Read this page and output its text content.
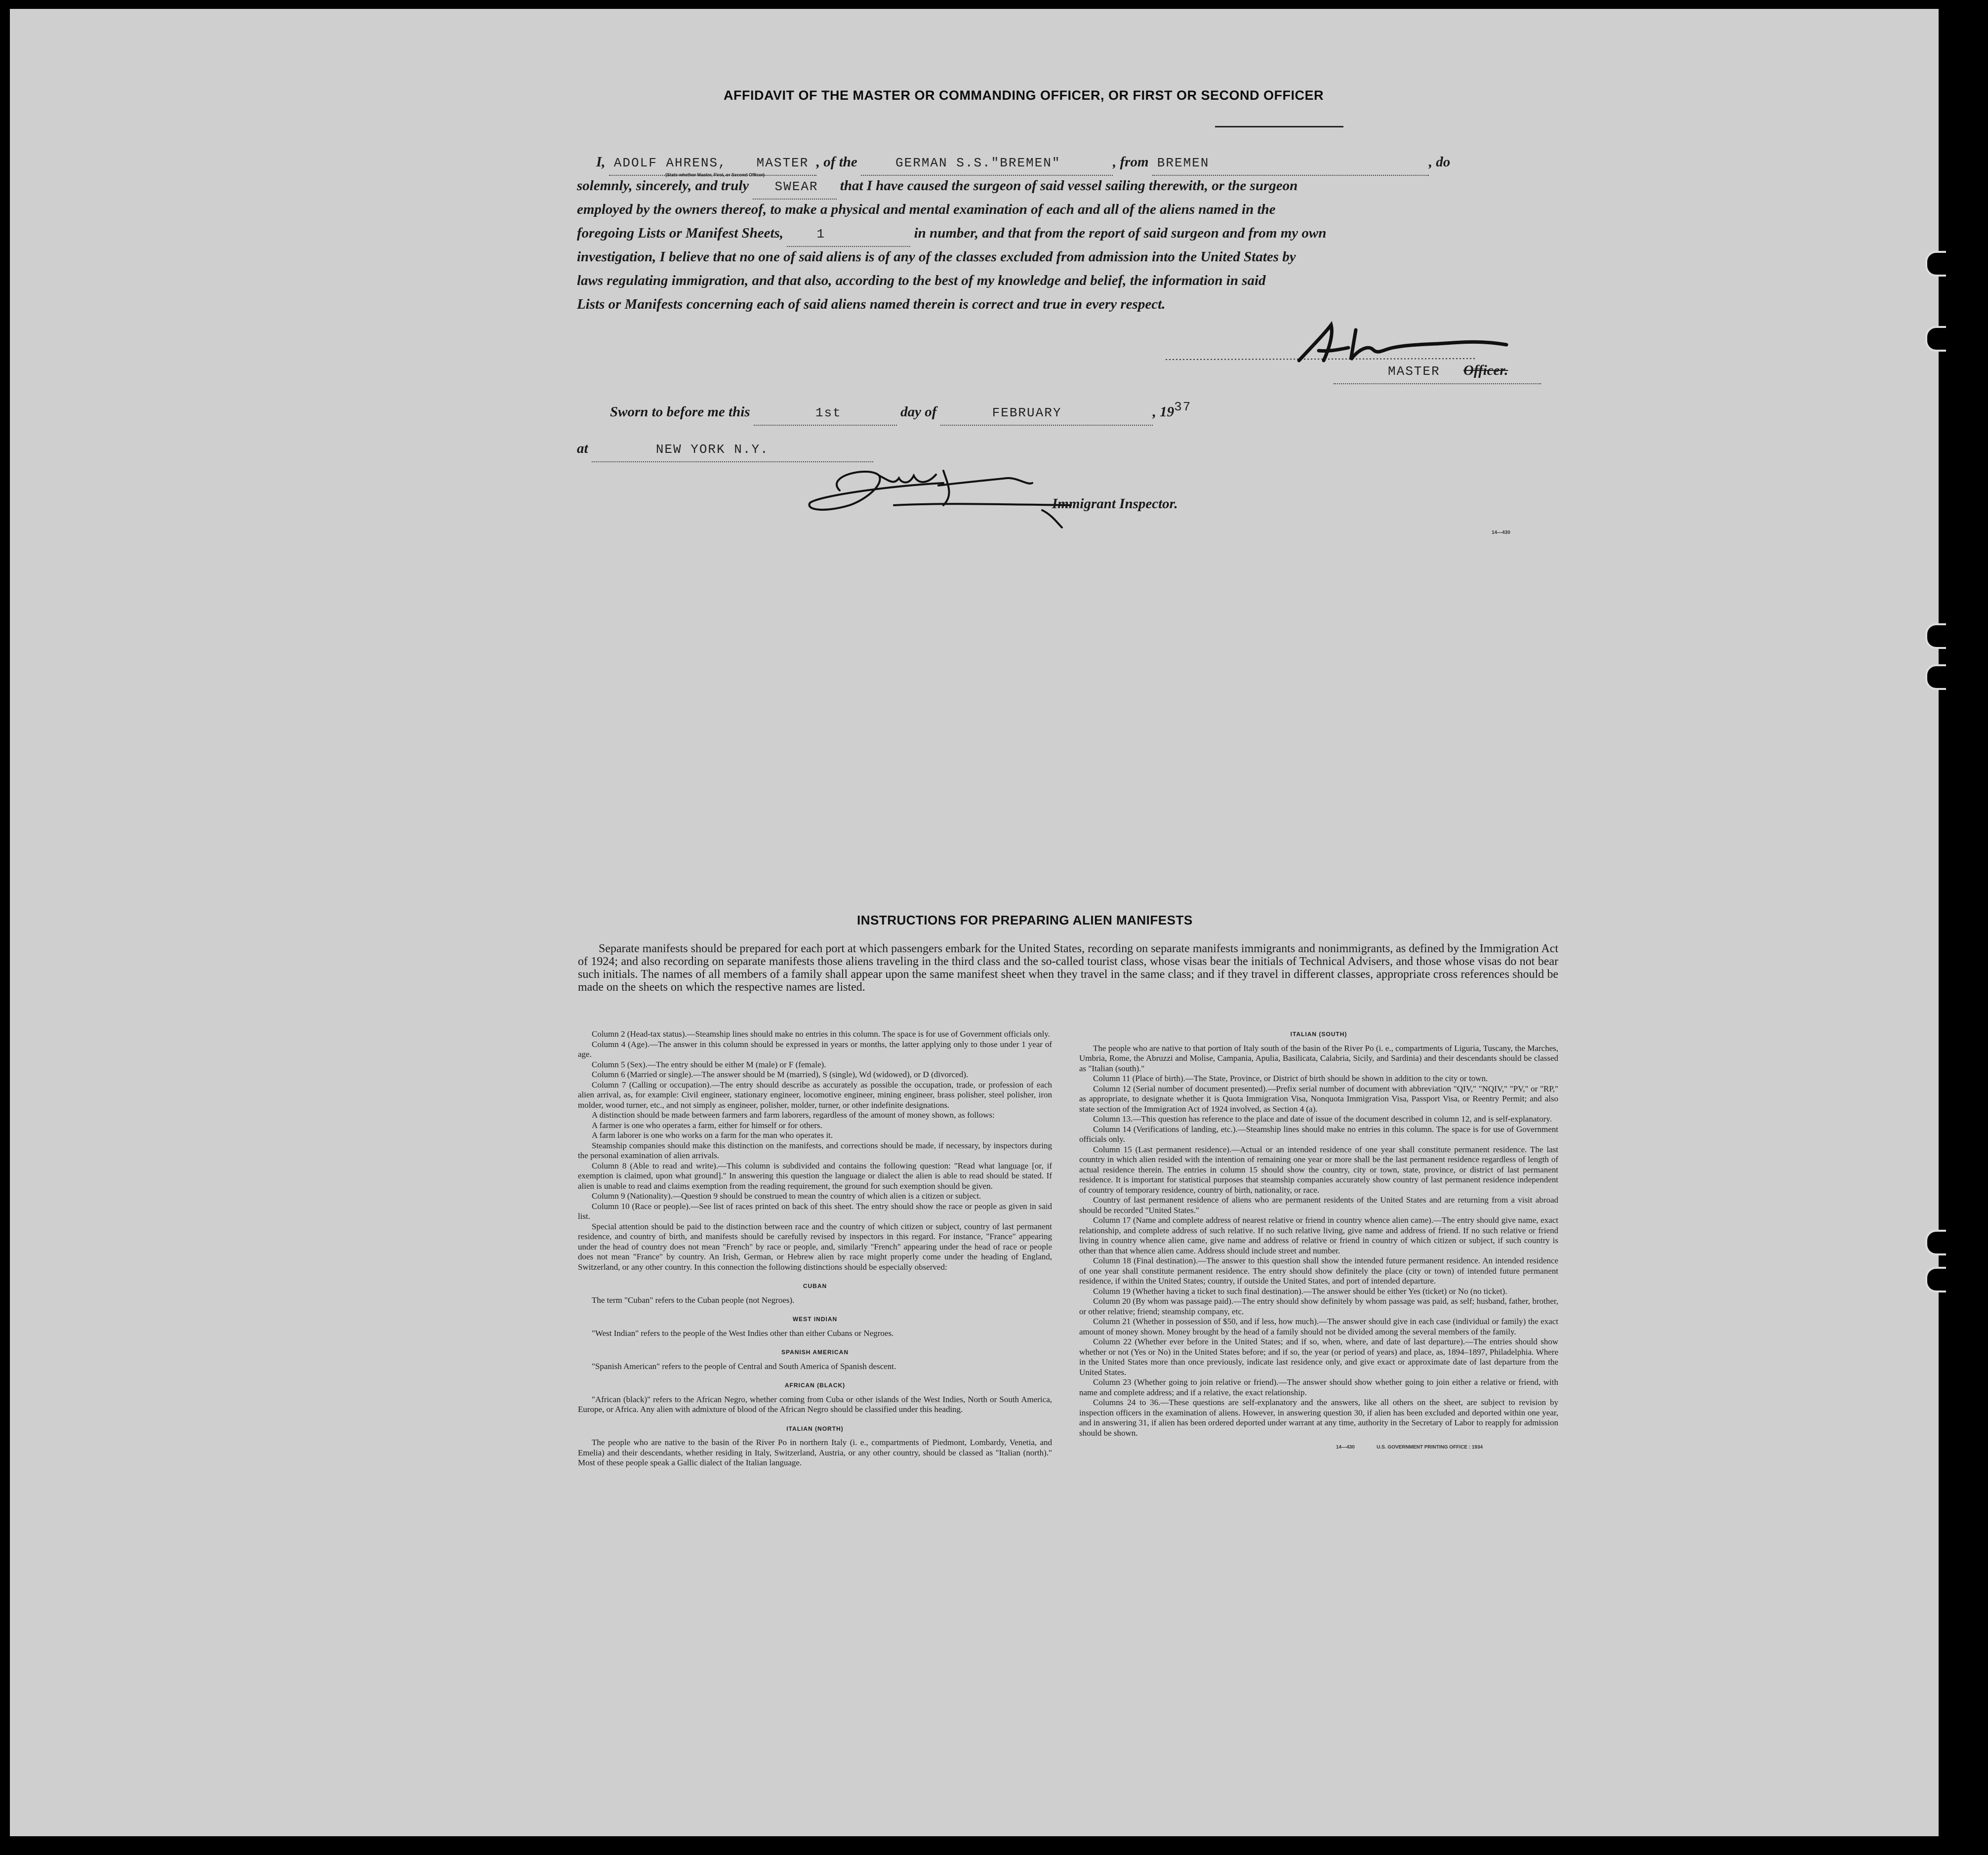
AFFIDAVIT OF THE MASTER OR COMMANDING OFFICER, OR FIRST OR SECOND OFFICER
I, ADOLF AHRENS, MASTER , of the	GERMAN S.S."BREMEN"	, from BREMEN	, do
(State whether Master, First, or Second Officer)
solemnly, sincerely, and truly SWEAR that I have caused the surgeon of said vessel sailing therewith, or the surgeon
employed by the owners thereof, to make a physical and mental examination of each and all of the aliens named in the
foregoing Lists or Manifest Sheets,	1	in number, and that from the report of said surgeon and from my own
investigation, I believe that no one of said aliens is of any of the classes excluded from admission into the United States by
laws regulating immigration, and that also, according to the best of my knowledge and belief, the information in said
Lists or Manifests concerning each of said aliens named therein is correct and true in every respect.
MASTER Officer.
Sworn to before me this	1st	day of	FEBRUARY	, 1937
at	NEW YORK N.Y.
Immigrant Inspector.
14—430
INSTRUCTIONS FOR PREPARING ALIEN MANIFESTS
Separate manifests should be prepared for each port at which passengers embark for the United States, recording on separate manifests immigrants and nonimmigrants, as defined by the Immigration Act of 1924; and also recording on separate manifests those aliens traveling in the third class and the so-called tourist class, whose visas bear the initials of Technical Advisers, and those whose visas do not bear such initials. The names of all members of a family shall appear upon the same manifest sheet when they travel in the same class; and if they travel in different classes, appropriate cross references should be made on the sheets on which the respective names are listed.

Column 2 (Head-tax status).—Steamship lines should make no entries in this column. The space is for use of Government officials only.

Column 4 (Age).—The answer in this column should be expressed in years or months, the latter applying only to those under 1 year of age.

Column 5 (Sex).—The entry should be either M (male) or F (female).

Column 6 (Married or single).—The answer should be M (married), S (single), Wd (widowed), or D (divorced).

Column 7 (Calling or occupation).—The entry should describe as accurately as possible the occupation, trade, or profession of each alien arrival, as, for example: Civil engineer, stationary engineer, locomotive engineer, mining engineer, brass polisher, steel polisher, iron molder, wood turner, etc., and not simply as engineer, polisher, molder, turner, or other indefinite designations.

A distinction should be made between farmers and farm laborers, regardless of the amount of money shown, as follows:

A farmer is one who operates a farm, either for himself or for others.

A farm laborer is one who works on a farm for the man who operates it.

Steamship companies should make this distinction on the manifests, and corrections should be made, if necessary, by inspectors during the personal examination of alien arrivals.

Column 8 (Able to read and write).—This column is subdivided and contains the following question: "Read what language [or, if exemption is claimed, upon what ground]." In answering this question the language or dialect the alien is able to read should be stated. If alien is unable to read and claims exemption from the reading requirement, the ground for such exemption should be given.

Column 9 (Nationality).—Question 9 should be construed to mean the country of which alien is a citizen or subject.

Column 10 (Race or people).—See list of races printed on back of this sheet. The entry should show the race or people as given in said list.

Special attention should be paid to the distinction between race and the country of which citizen or subject, country of last permanent residence, and country of birth, and manifests should be carefully revised by inspectors in this regard. For instance, "France" appearing under the head of country does not mean "French" by race or people, and, similarly "French" appearing under the head of race or people does not mean "France" by country. An Irish, German, or Hebrew alien by race might properly come under the heading of England, Switzerland, or any other country. In this connection the following distinctions should be especially observed:

CUBAN

The term "Cuban" refers to the Cuban people (not Negroes).

WEST INDIAN

"West Indian" refers to the people of the West Indies other than either Cubans or Negroes.

SPANISH AMERICAN

"Spanish American" refers to the people of Central and South America of Spanish descent.

AFRICAN (BLACK)

"African (black)" refers to the African Negro, whether coming from Cuba or other islands of the West Indies, North or South America, Europe, or Africa. Any alien with admixture of blood of the African Negro should be classified under this heading.

ITALIAN (NORTH)

The people who are native to the basin of the River Po in northern Italy (i. e., compartments of Piedmont, Lombardy, Venetia, and Emelia) and their descendants, whether residing in Italy, Switzerland, Austria, or any other country, should be classed as "Italian (north)." Most of these people speak a Gallic dialect of the Italian language.

ITALIAN (SOUTH)

The people who are native to that portion of Italy south of the basin of the River Po (i. e., compartments of Liguria, Tuscany, the Marches, Umbria, Rome, the Abruzzi and Molise, Campania, Apulia, Basilicata, Calabria, Sicily, and Sardinia) and their descendants should be classed as "Italian (south)."

Column 11 (Place of birth).—The State, Province, or District of birth should be shown in addition to the city or town.

Column 12 (Serial number of document presented).—Prefix serial number of document with abbreviation "QIV," "NQIV," "PV," or "RP," as appropriate, to designate whether it is Quota Immigration Visa, Nonquota Immigration Visa, Passport Visa, or Reentry Permit; and also state section of the Immigration Act of 1924 involved, as Section 4 (a).

Column 13.—This question has reference to the place and date of issue of the document described in column 12, and is self-explanatory.

Column 14 (Verifications of landing, etc.).—Steamship lines should make no entries in this column. The space is for use of Government officials only.

Column 15 (Last permanent residence).—Actual or an intended residence of one year shall constitute permanent residence. The last country in which alien resided with the intention of remaining one year or more shall be the last permanent residence regardless of length of actual residence therein. The entries in column 15 should show the country, city or town, state, province, or district of last permanent residence. It is important for statistical purposes that steamship companies accurately show country of last permanent residence independent of country of temporary residence, country of birth, nationality, or race.

Country of last permanent residence of aliens who are permanent residents of the United States and are returning from a visit abroad should be recorded "United States."

Column 17 (Name and complete address of nearest relative or friend in country whence alien came).—The entry should give name, exact relationship, and complete address of such relative. If no such relative living, give name and address of friend. If no such relative or friend living in country whence alien came, give name and address of relative or friend in country of which citizen or subject, if such country is other than that whence alien came. Address should include street and number.

Column 18 (Final destination).—The answer to this question shall show the intended future permanent residence. An intended residence of one year shall constitute permanent residence. The entry should show definitely the place (city or town) of intended future permanent residence, if within the United States; country, if outside the United States, and port of intended departure.

Column 19 (Whether having a ticket to such final destination).—The answer should be either Yes (ticket) or No (no ticket).

Column 20 (By whom was passage paid).—The entry should show definitely by whom passage was paid, as self; husband, father, brother, or other relative; friend; steamship company, etc.

Column 21 (Whether in possession of $50, and if less, how much).—The answer should give in each case (individual or family) the exact amount of money shown. Money brought by the head of a family should not be divided among the several members of the family.

Column 22 (Whether ever before in the United States; and if so, when, where, and date of last departure).—The entries should show whether or not (Yes or No) in the United States before; and if so, the year (or period of years) and place, as, 1894–1897, Philadelphia. Where in the United States more than once previously, indicate last residence only, and give exact or approximate date of last departure from the United States.

Column 23 (Whether going to join relative or friend).—The answer should show whether going to join either a relative or friend, with name and complete address; and if a relative, the exact relationship.

Columns 24 to 36.—These questions are self-explanatory and the answers, like all others on the sheet, are subject to revision by inspection officers in the examination of aliens. However, in answering question 30, if alien has been excluded and deported within one year, and in answering 31, if alien has been ordered deported under warrant at any time, authority in the Secretary of Labor to reapply for admission should be shown.

14—430	U.S. GOVERNMENT PRINTING OFFICE : 1934
